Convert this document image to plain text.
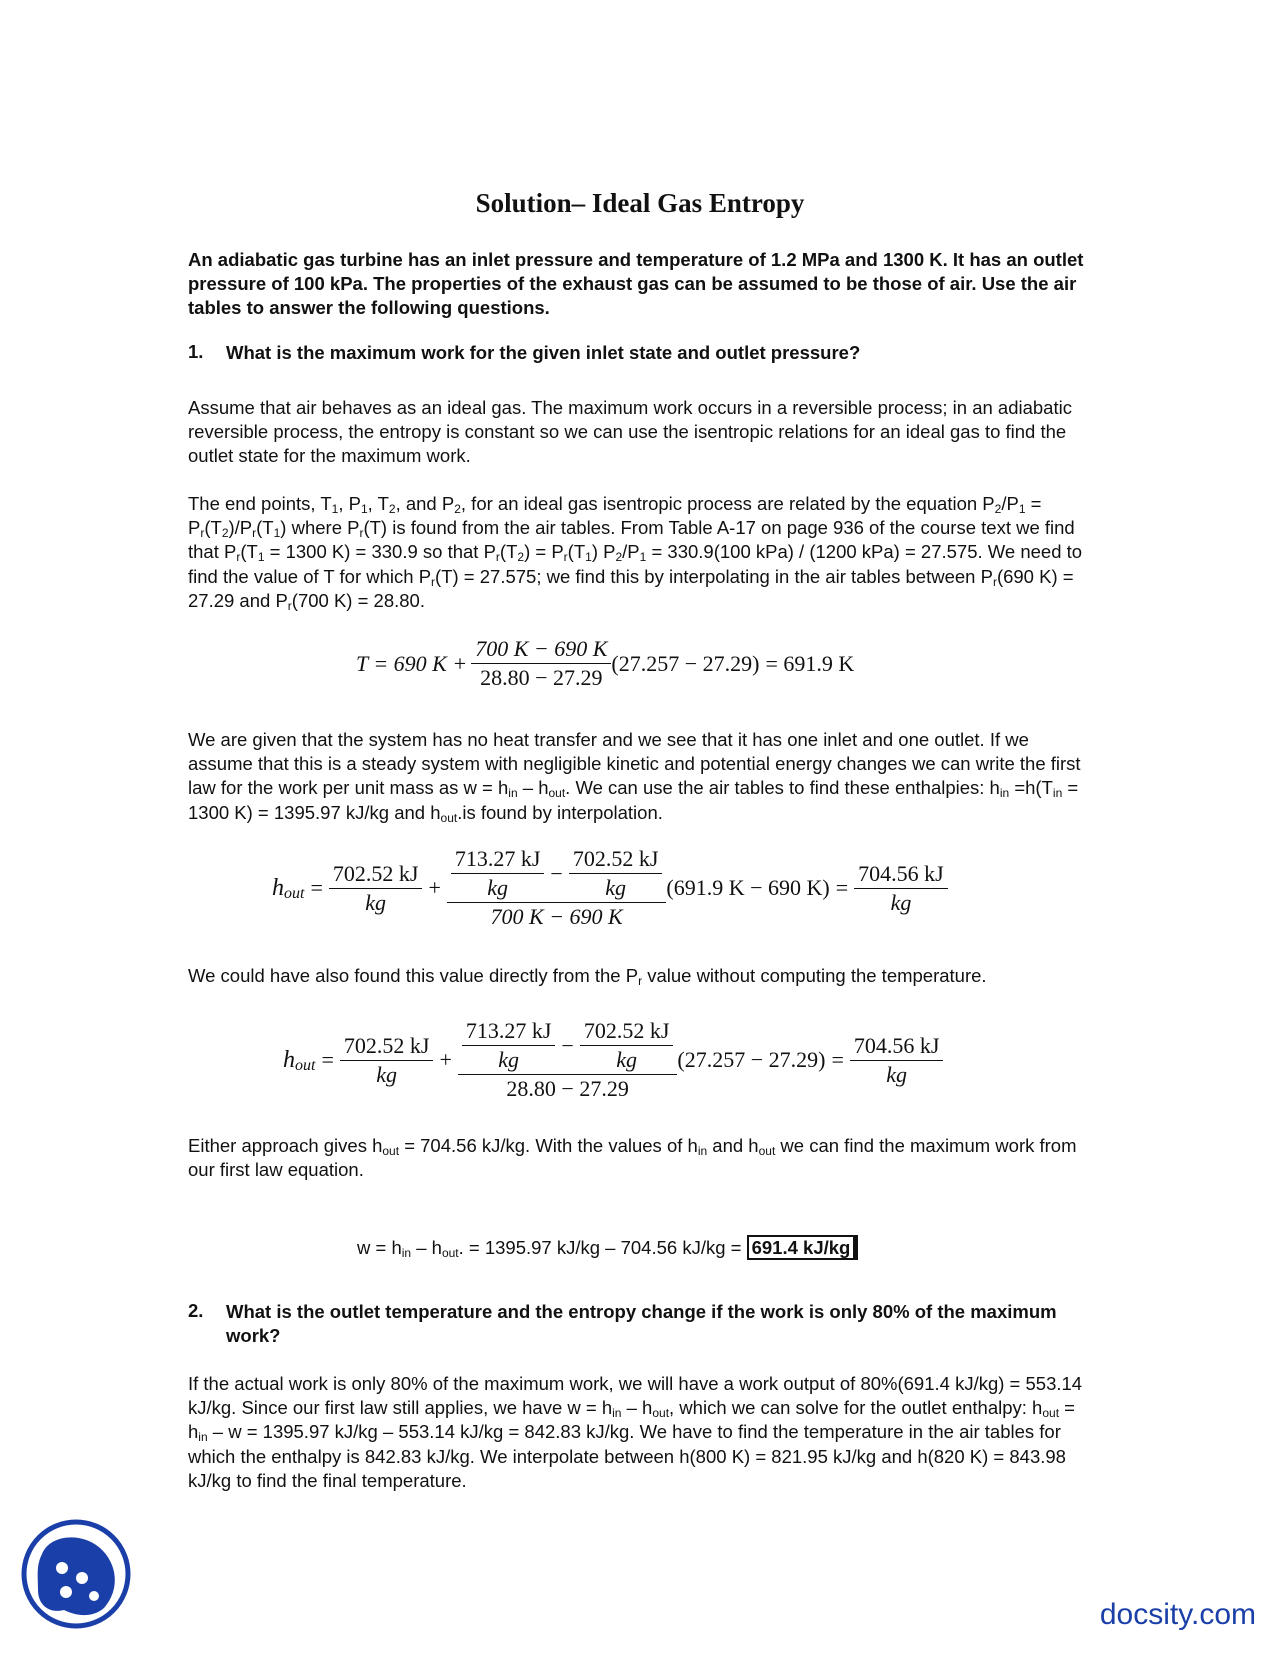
Solution– Ideal Gas Entropy

An adiabatic gas turbine has an inlet pressure and temperature of 1.2 MPa and 1300 K. It has an outlet pressure of 100 kPa. The properties of the exhaust gas can be assumed to be those of air. Use the air tables to answer the following questions.

1. What is the maximum work for the given inlet state and outlet pressure?

Assume that air behaves as an ideal gas. The maximum work occurs in a reversible process; in an adiabatic reversible process, the entropy is constant so we can use the isentropic relations for an ideal gas to find the outlet state for the maximum work.

The end points, $T_1$, $P_1$, $T_2$, and $P_2$, for an ideal gas isentropic process are related by the equation $P_2/P_1 = P_r(T_2)/P_r(T_1)$ where $P_r(T)$ is found from the air tables. From Table A-17 on page 936 of the course text we find that $P_r(T_1 = 1300$ K) = 330.9 so that $P_r(T_2) = P_r(T_1) P_2/P_1 = 330.9(100$ kPa) / (1200 kPa) = 27.575. We need to find the value of T for which $P_r(T) = 27.575$; we find this by interpolating in the air tables between $P_r(690$ K) = 27.29 and $P_r(700$ K) = 28.80.

T = 690 $K + \frac{700 K - 690 K}{28.80 - 27.29} (27.257 - 27.29) = 691.9$ K

We are given that the system has no heat transfer and we see that it has one inlet and one outlet. If we assume that this is a steady system with negligible kinetic and potential energy changes we can write the first law for the work per unit mass as $w = h_{in} - h_{out}$. We can use the air tables to find these enthalpies: $h_{in} =h(T_{in} = 1300$ K) = 1395.97 kJ/kg and $h_{out}.is$ found by interpolation.

$h_{out} = \frac{702.52 kJ}{kg} + \frac{713.27 kJ}{kg} - \frac{702.52 kJ}{kg}$
700 K − 690 K
(691.9 K − 690 $K) = \frac{704.56 kJ}{kg}$

We could have also found this value directly from the $P_r$ value without computing the temperature.

$h_{out} = \frac{702.52 kJ}{kg} + \frac{713.27 kJ}{kg} - \frac{702.52 kJ}{kg}$
28.80 − 27.29
$(27.257 - 27.29) = \frac{704.56 kJ}{kg}$

Either approach gives $h_{out} = 704.56$ kJ/kg. With the values of $h_{in}$ and $h_{out}$ we can find the maximum work from our first law equation.

$w = h_{in} - h_{out}$. = 1395.97 kJ/kg – 704.56 kJ/kg = 691.4 kJ/kg
2. What is the outlet temperature and the entropy change if the work is only 80% of the maximum work?

If the actual work is only 80% of the maximum work, we will have a work output of 80%(691.4 kJ/kg) = 553.14 kJ/kg. Since our first law still applies, we have $w = h_{in} - h_{out}$, which we can solve for the outlet enthalpy: $h_{out} = h_{in} - w = 1395.97$ kJ/kg – 553.14 kJ/kg = 842.83 kJ/kg. We have to find the temperature in the air tables for which the enthalpy is 842.83 kJ/kg. We interpolate between h(800 K) = 821.95 kJ/kg and h(820 K) = 843.98 kJ/kg to find the final temperature.

docsity.com
